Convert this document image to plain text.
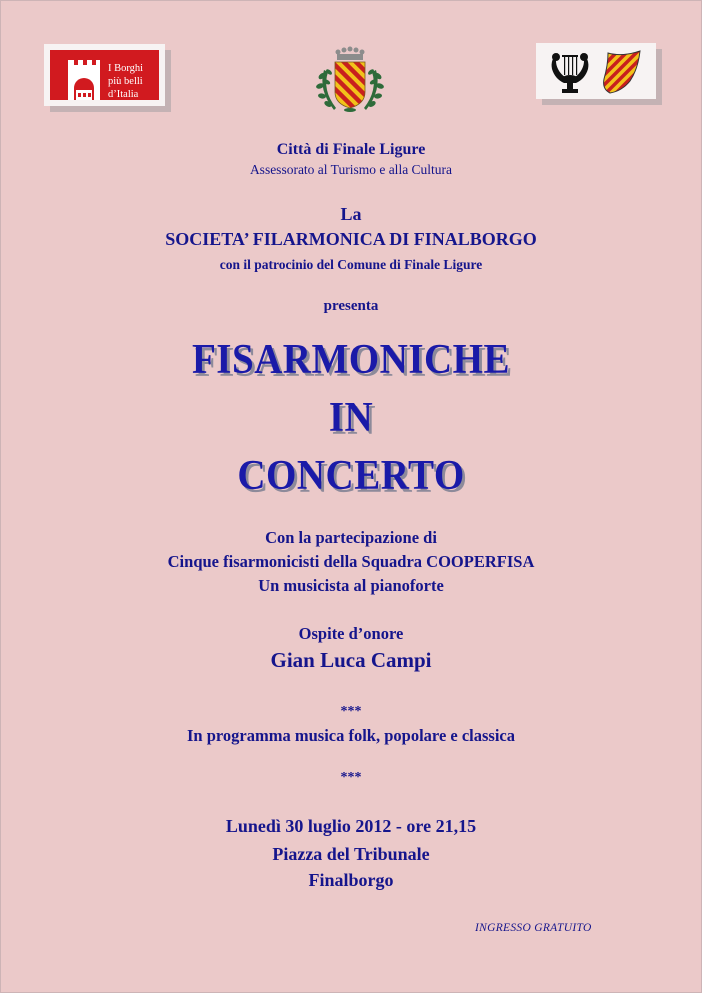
I Borghi
più belli
d’Italia
Città di Finale Ligure
Assessorato al Turismo e alla Cultura
La
SOCIETA’ FILARMONICA DI FINALBORGO
con il patrocinio del Comune di Finale Ligure
presenta
FISARMONICHE
IN
CONCERTO
Con la partecipazione di
Cinque fisarmonicisti della Squadra COOPERFISA
Un musicista al pianoforte
Ospite d’onore
Gian Luca Campi
***
In programma musica folk, popolare e classica
***
Lunedì 30 luglio 2012 - ore 21,15
Piazza del Tribunale
Finalborgo
INGRESSO GRATUITO
